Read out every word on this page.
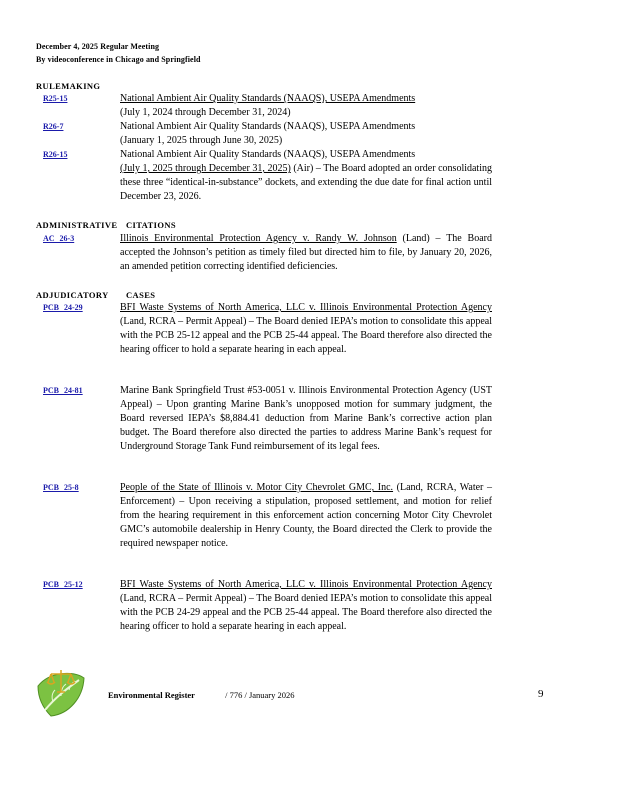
December 4, 2025 Regular Meeting
By videoconference in Chicago and Springfield
RULEMAKING
R25-15	National Ambient Air Quality Standards (NAAQS), USEPA Amendments
(July 1, 2024 through December 31, 2024)

R26-7	National Ambient Air Quality Standards (NAAQS), USEPA Amendments
(January 1, 2025 through June 30, 2025)

R26-15	National Ambient Air Quality Standards (NAAQS), USEPA Amendments
(July 1, 2025 through December 31, 2025) (Air) – The Board adopted an order consolidating these three “identical-in-substance” dockets, and extending the due date for final action until December 23, 2026.

ADMINISTRATIVE CITATIONS
AC 26-3	Illinois Environmental Protection Agency v. Randy W. Johnson (Land) – The Board accepted the Johnson’s petition as timely filed but directed him to file, by January 20, 2026, an amended petition correcting identified deficiencies.

ADJUDICATORY CASES
PCB 24-29	BFI Waste Systems of North America, LLC v. Illinois Environmental Protection Agency (Land, RCRA – Permit Appeal) – The Board denied IEPA’s motion to consolidate this appeal with the PCB 25-12 appeal and the PCB 25-44 appeal. The Board therefore also directed the hearing officer to hold a separate hearing in each appeal.

PCB 24-81	Marine Bank Springfield Trust #53-0051 v. Illinois Environmental Protection Agency (UST Appeal) – Upon granting Marine Bank’s unopposed motion for summary judgment, the Board reversed IEPA’s $8,884.41 deduction from Marine Bank’s corrective action plan budget. The Board therefore also directed the parties to address Marine Bank’s request for Underground Storage Tank Fund reimbursement of its legal fees.

PCB 25-8	People of the State of Illinois v. Motor City Chevrolet GMC, Inc. (Land, RCRA, Water – Enforcement) – Upon receiving a stipulation, proposed settlement, and motion for relief from the hearing requirement in this enforcement action concerning Motor City Chevrolet GMC’s automobile dealership in Henry County, the Board directed the Clerk to provide the required newspaper notice.

PCB 25-12	BFI Waste Systems of North America, LLC v. Illinois Environmental Protection Agency (Land, RCRA – Permit Appeal) – The Board denied IEPA’s motion to consolidate this appeal with the PCB 24-29 appeal and the PCB 25-44 appeal. The Board therefore also directed the hearing officer to hold a separate hearing in each appeal.

Environmental Register	/ 776 / January 2026	9
